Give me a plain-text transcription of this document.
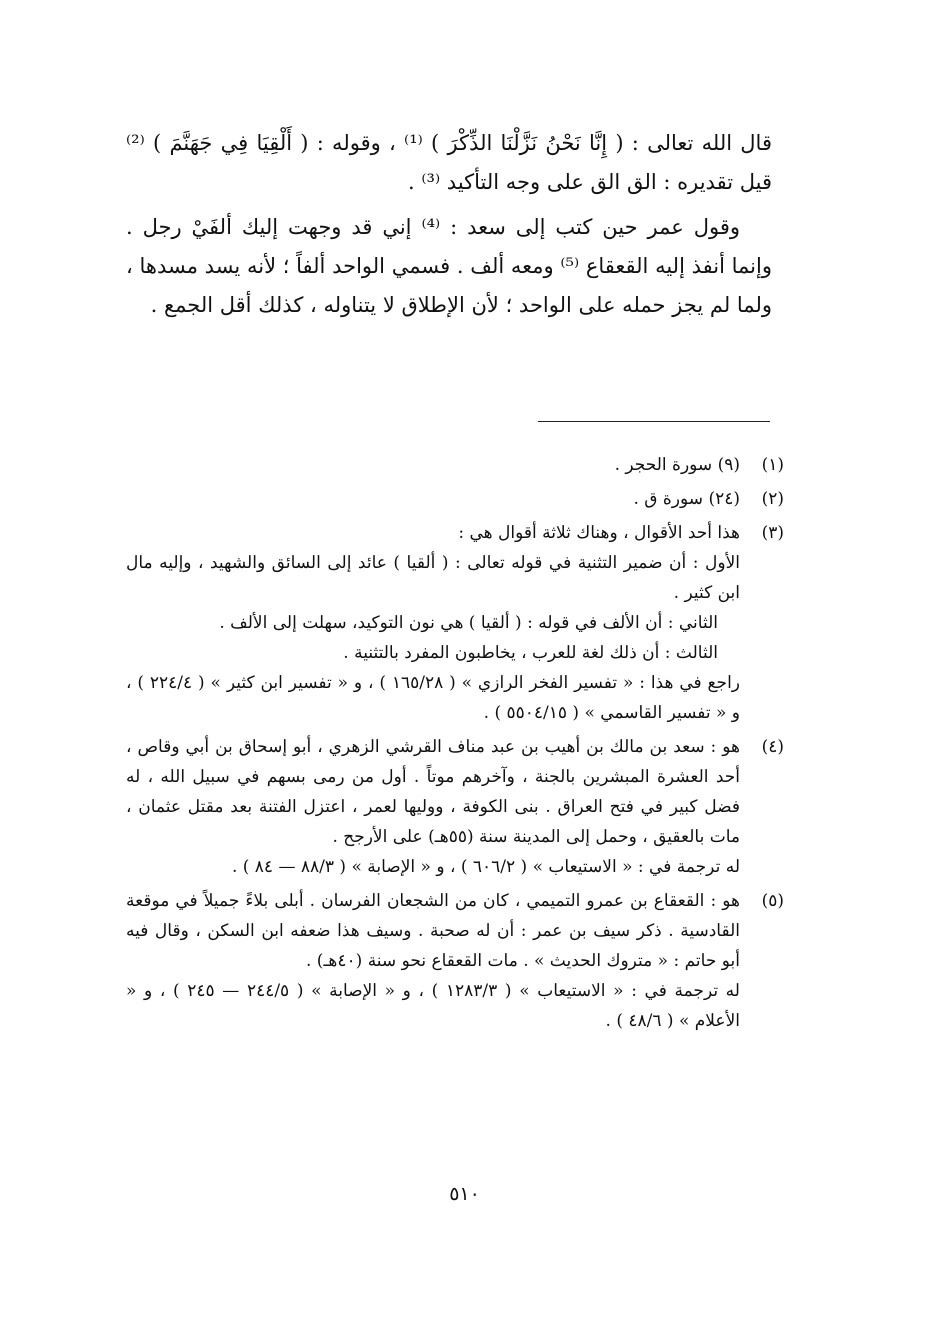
قال الله تعالى : ( إِنَّا نَحْنُ نَزَّلْنَا الذِّكْرَ ) ⁽¹⁾ ، وقوله : ( أَلْقِيَا فِي جَهَنَّمَ ) ⁽²⁾ قيل تقديره : الق الق على وجه التأكيد ⁽³⁾ .

وقول عمر حين كتب إلى سعد : ⁽⁴⁾ إني قد وجهت إليك ألفَيْ رجل . وإنما أنفذ إليه القعقاع ⁽⁵⁾ ومعه ألف . فسمي الواحد ألفاً ؛ لأنه يسد مسدها ، ولما لم يجز حمله على الواحد ؛ لأن الإطلاق لا يتناوله ، كذلك أقل الجمع .

(١)
(٩) سورة الحجر .
(٢)
(٢٤) سورة ق .
(٣)
هذا أحد الأقوال ، وهناك ثلاثة أقوال هي :
الأول : أن ضمير التثنية في قوله تعالى : ( ألقيا ) عائد إلى السائق والشهيد ، وإليه مال ابن كثير .
الثاني : أن الألف في قوله : ( ألقيا ) هي نون التوكيد، سهلت إلى الألف .
الثالث : أن ذلك لغة للعرب ، يخاطبون المفرد بالتثنية .
راجع في هذا : « تفسير الفخر الرازي » ( ١٦٥/٢٨ ) ، و « تفسير ابن كثير » ( ٢٢٤/٤ ) ، و « تفسير القاسمي » ( ٥٥٠٤/١٥ ) .
(٤)
هو : سعد بن مالك بن أهيب بن عبد مناف القرشي الزهري ، أبو إسحاق بن أبي وقاص ، أحد العشرة المبشرين بالجنة ، وآخرهم موتاً . أول من رمى بسهم في سبيل الله ، له فضل كبير في فتح العراق . بنى الكوفة ، ووليها لعمر ، اعتزل الفتنة بعد مقتل عثمان ، مات بالعقيق ، وحمل إلى المدينة سنة (٥٥هـ) على الأرجح .
له ترجمة في : « الاستيعاب » ( ٦٠٦/٢ ) ، و « الإصابة » ( ٨٨/٣ — ٨٤ ) .
(٥)
هو : القعقاع بن عمرو التميمي ، كان من الشجعان الفرسان . أبلى بلاءً جميلاً في موقعة القادسية . ذكر سيف بن عمر : أن له صحبة . وسيف هذا ضعفه ابن السكن ، وقال فيه أبو حاتم : « متروك الحديث » . مات القعقاع نحو سنة (٤٠هـ) .
له ترجمة في : « الاستيعاب » ( ١٢٨٣/٣ ) ، و « الإصابة » ( ٢٤٤/٥ — ٢٤٥ ) ، و « الأعلام » ( ٤٨/٦ ) .
٥١٠
